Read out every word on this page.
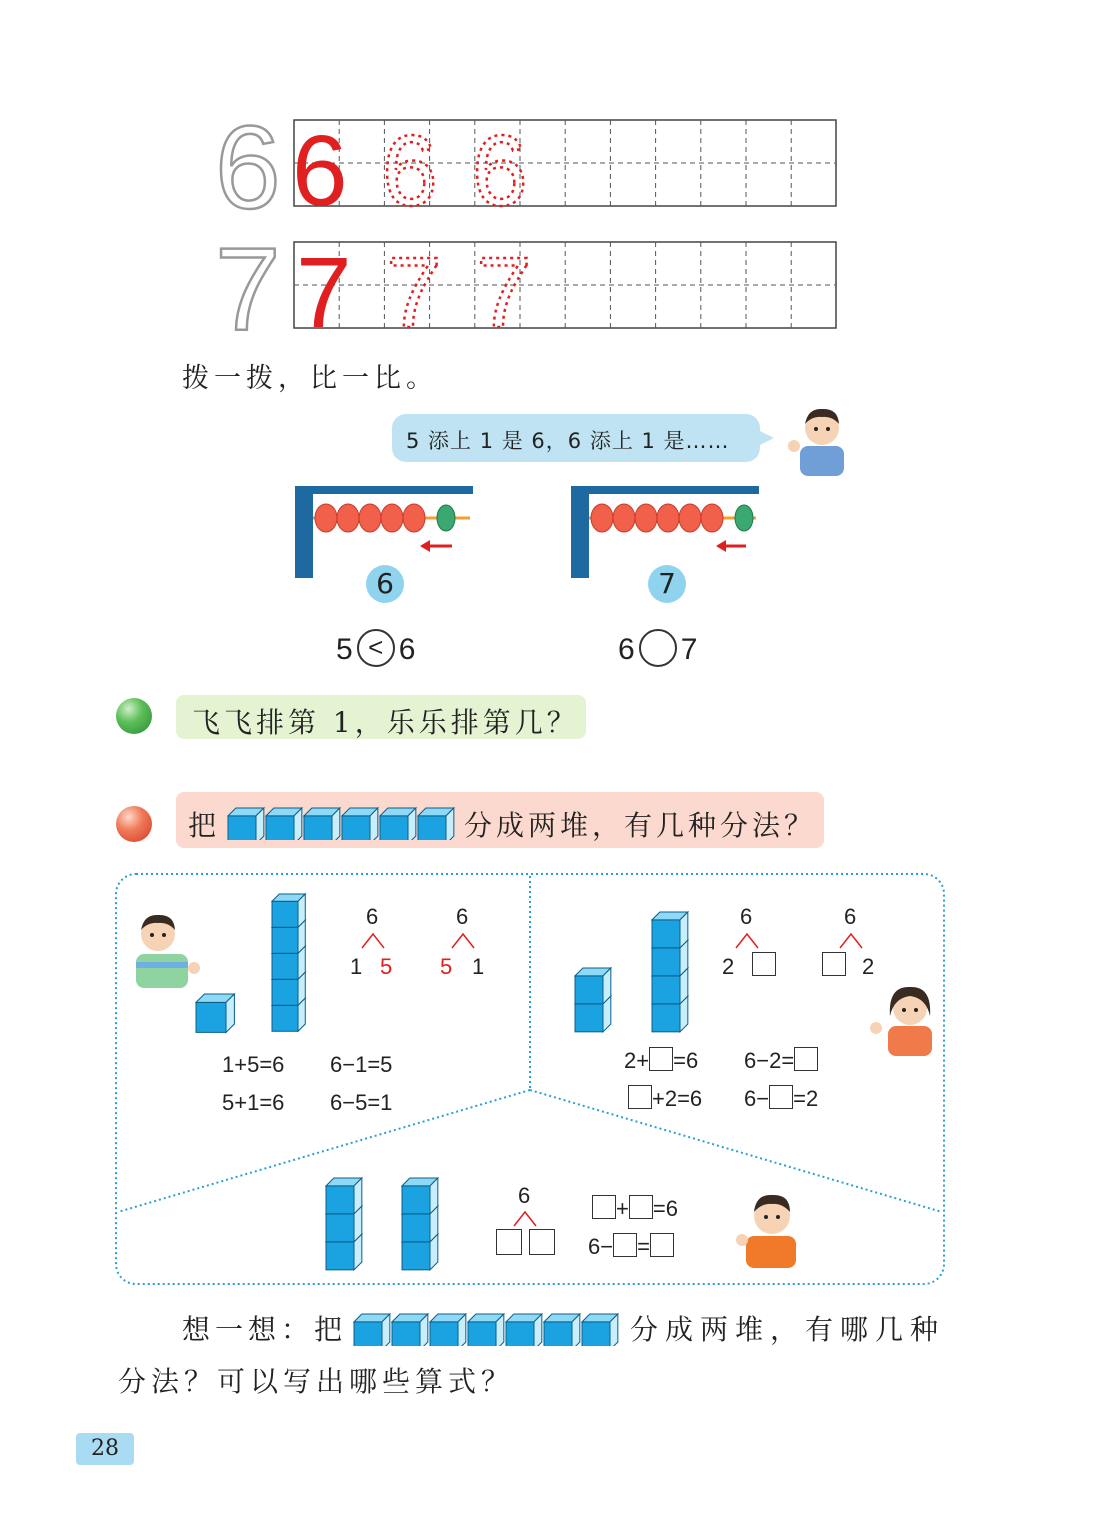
6
7
6 6 6
7 7 7
拨一拨，比一比。
5 添上 1 是 6，6 添上 1 是……
6	7
5 < 6	6 7
飞飞排第 1，乐乐排第几？
把	分成两堆，有几种分法？
6
1 5
6
5 1
1+5=6 6−1=5
5+1=6 6−5=1
6
2
6
2
2+ =6 6−2=
+2=6 6− =2
6

+ =6
6− =
想一想：把	分成两堆，有哪几种
分法？可以写出哪些算式？
28
